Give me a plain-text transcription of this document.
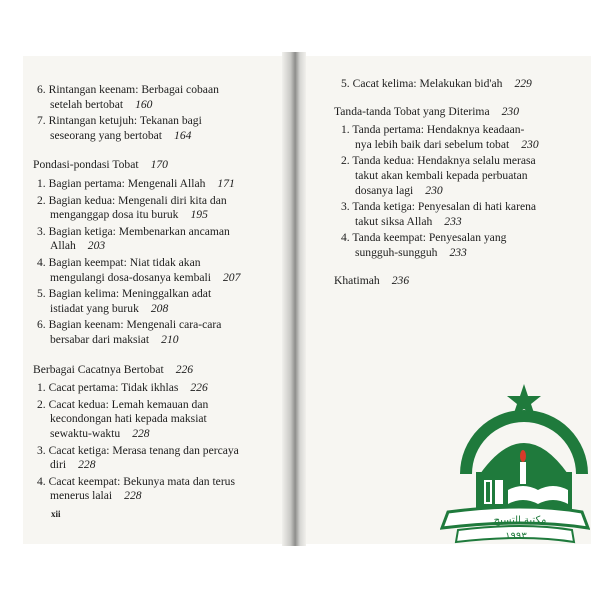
6. Rintangan keenam: Berbagai cobaan
setelah bertobat 160
7. Rintangan ketujuh: Tekanan bagi
seseorang yang bertobat 164
Pondasi-pondasi Tobat 170
1. Bagian pertama: Mengenali Allah 171
2. Bagian kedua: Mengenali diri kita dan
menganggap dosa itu buruk 195
3. Bagian ketiga: Membenarkan ancaman
Allah 203
4. Bagian keempat: Niat tidak akan
mengulangi dosa-dosanya kembali 207
5. Bagian kelima: Meninggalkan adat
istiadat yang buruk 208
6. Bagian keenam: Mengenali cara-cara
bersabar dari maksiat 210
Berbagai Cacatnya Bertobat 226
1. Cacat pertama: Tidak ikhlas 226
2. Cacat kedua: Lemah kemauan dan
kecondongan hati kepada maksiat
sewaktu-waktu 228
3. Cacat ketiga: Merasa tenang dan percaya
diri 228
4. Cacat keempat: Bekunya mata dan terus
menerus lalai 228
5. Cacat kelima: Melakukan bid'ah 229
Tanda-tanda Tobat yang Diterima 230
1. Tanda pertama: Hendaknya keadaan-
nya lebih baik dari sebelum tobat 230
2. Tanda kedua: Hendaknya selalu merasa
takut akan kembali kepada perbuatan
dosanya lagi 230
3. Tanda ketiga: Penyesalan di hati karena
takut siksa Allah 233
4. Tanda keempat: Penyesalan yang
sungguh-sungguh 233
Khatimah 236
xii
مكتبة التسيح
١٩٩٣
